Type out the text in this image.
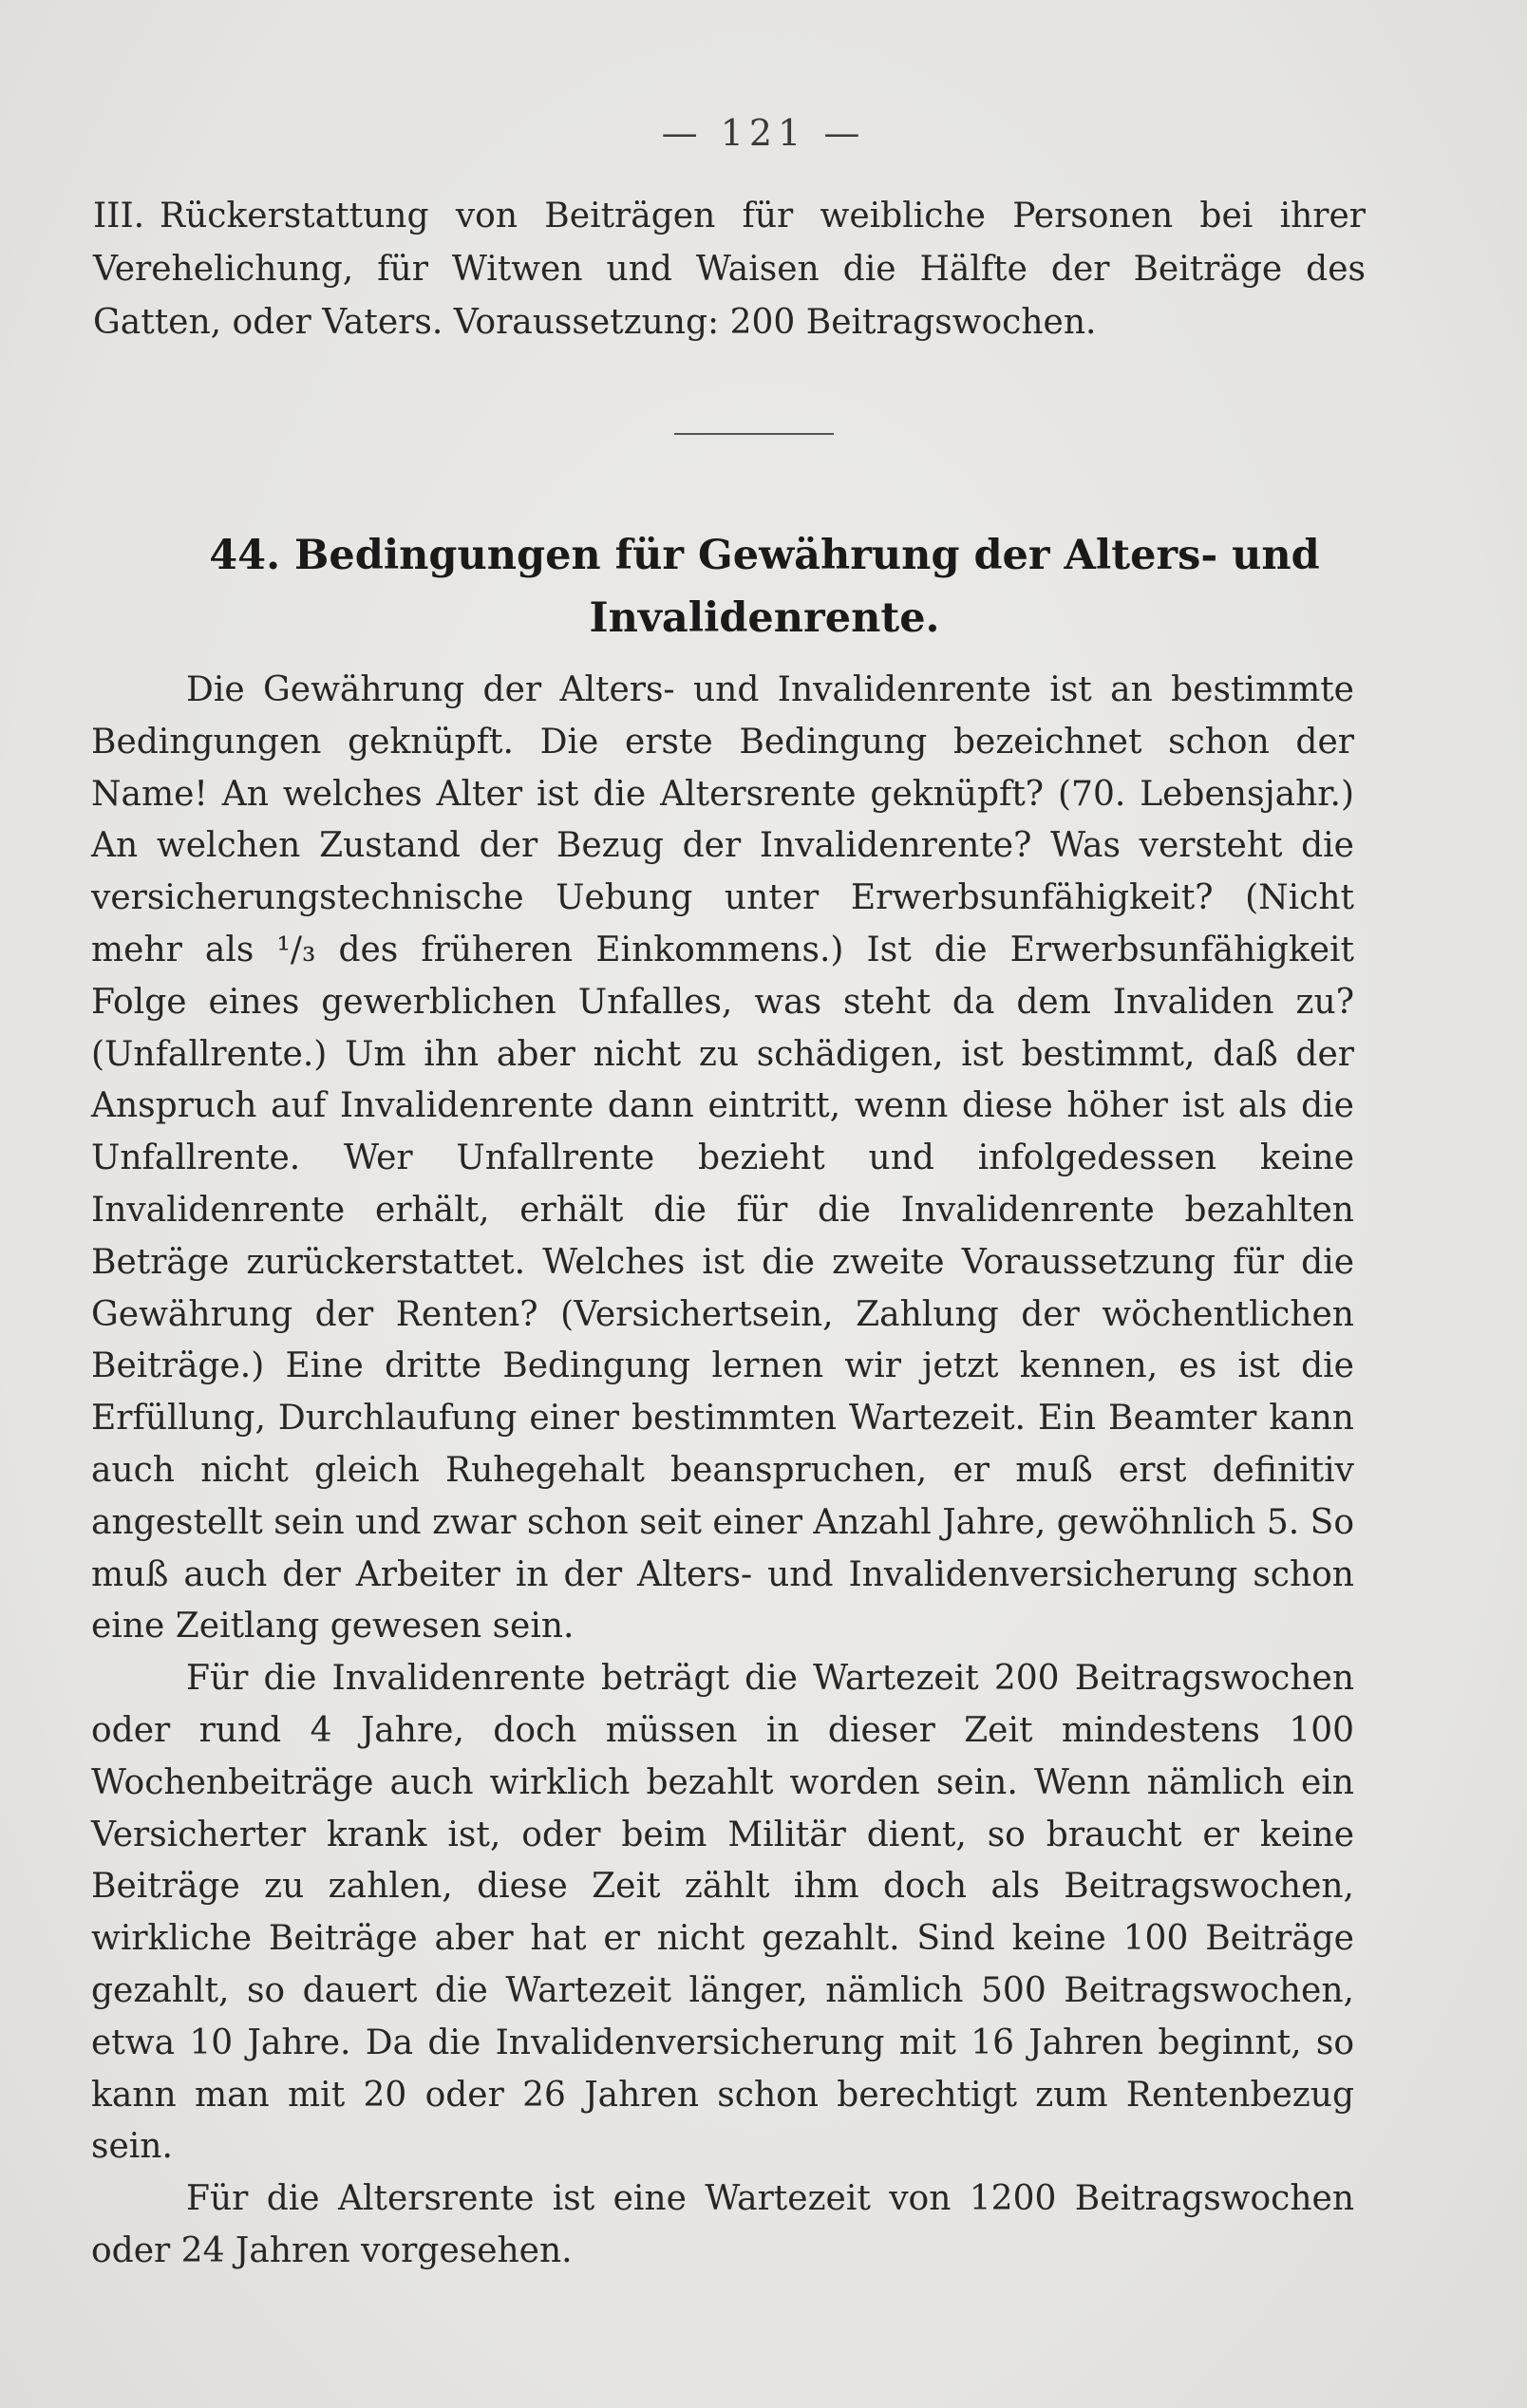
— 121 —
III. Rückerstattung von Beiträgen für weibliche Personen bei ihrer Verehelichung, für Witwen und Waisen die Hälfte der Beiträge des Gatten, oder Vaters. Voraussetzung: 200 Beitragswochen.
44. Bedingungen für Gewährung der Alters- und Invalidenrente.

Die Gewährung der Alters- und Invalidenrente ist an bestimmte Bedingungen geknüpft. Die erste Bedingung bezeichnet schon der Name! An welches Alter ist die Altersrente geknüpft? (70. Lebensjahr.) An welchen Zustand der Bezug der Invalidenrente? Was versteht die versicherungstechnische Uebung unter Erwerbsunfähigkeit? (Nicht mehr als ¹/₃ des früheren Einkommens.) Ist die Erwerbsunfähigkeit Folge eines gewerblichen Unfalles, was steht da dem Invaliden zu? (Unfallrente.) Um ihn aber nicht zu schädigen, ist bestimmt, daß der Anspruch auf Invalidenrente dann eintritt, wenn diese höher ist als die Unfallrente. Wer Unfallrente bezieht und infolgedessen keine Invalidenrente erhält, erhält die für die Invalidenrente bezahlten Beträge zurückerstattet. Welches ist die zweite Voraussetzung für die Gewährung der Renten? (Versichertsein, Zahlung der wöchentlichen Beiträge.) Eine dritte Bedingung lernen wir jetzt kennen, es ist die Erfüllung, Durchlaufung einer bestimmten Wartezeit. Ein Beamter kann auch nicht gleich Ruhegehalt beanspruchen, er muß erst definitiv angestellt sein und zwar schon seit einer Anzahl Jahre, gewöhnlich 5. So muß auch der Arbeiter in der Alters- und Invalidenversicherung schon eine Zeitlang gewesen sein.

Für die Invalidenrente beträgt die Wartezeit 200 Beitragswochen oder rund 4 Jahre, doch müssen in dieser Zeit mindestens 100 Wochenbeiträge auch wirklich bezahlt worden sein. Wenn nämlich ein Versicherter krank ist, oder beim Militär dient, so braucht er keine Beiträge zu zahlen, diese Zeit zählt ihm doch als Beitragswochen, wirkliche Beiträge aber hat er nicht gezahlt. Sind keine 100 Beiträge gezahlt, so dauert die Wartezeit länger, nämlich 500 Beitragswochen, etwa 10 Jahre. Da die Invalidenversicherung mit 16 Jahren beginnt, so kann man mit 20 oder 26 Jahren schon berechtigt zum Rentenbezug sein.

Für die Altersrente ist eine Wartezeit von 1200 Beitragswochen oder 24 Jahren vorgesehen.
